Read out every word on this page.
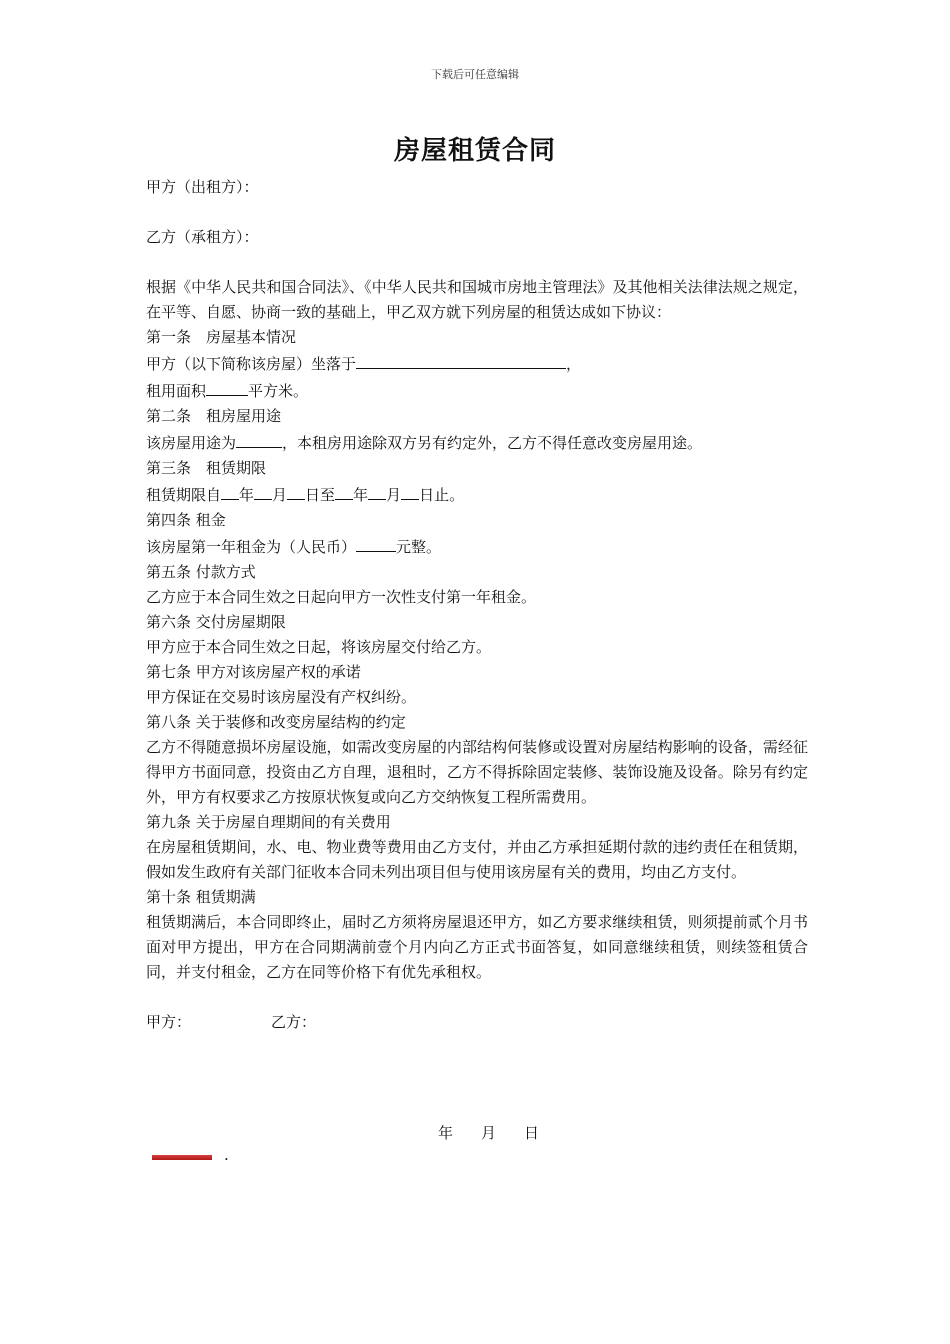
下载后可任意编辑
房屋租赁合同

甲方（出租方）：

乙方（承租方）：

根据《中华人民共和国合同法》、《中华人民共和国城市房地主管理法》及其他相关法律法规之规定，在平等、自愿、协商一致的基础上，甲乙双方就下列房屋的租赁达成如下协议：

第一条　房屋基本情况

甲方（以下简称该房屋）坐落于	，

租用面积	平方米。

第二条　租房屋用途

该房屋用途为	，本租房用途除双方另有约定外，乙方不得任意改变房屋用途。

第三条　租赁期限

租赁期限自 年 月 日至 年 月 日止。

第四条 租金

该房屋第一年租金为（人民币）	元整。

第五条 付款方式

乙方应于本合同生效之日起向甲方一次性支付第一年租金。

第六条 交付房屋期限

甲方应于本合同生效之日起，将该房屋交付给乙方。

第七条 甲方对该房屋产权的承诺

甲方保证在交易时该房屋没有产权纠纷。

第八条 关于装修和改变房屋结构的约定

乙方不得随意损坏房屋设施，如需改变房屋的内部结构何装修或设置对房屋结构影响的设备，需经征得甲方书面同意，投资由乙方自理，退租时，乙方不得拆除固定装修、装饰设施及设备。除另有约定外，甲方有权要求乙方按原状恢复或向乙方交纳恢复工程所需费用。

第九条 关于房屋自理期间的有关费用

在房屋租赁期间，水、电、物业费等费用由乙方支付，并由乙方承担延期付款的违约责任在租赁期，假如发生政府有关部门征收本合同未列出项目但与使用该房屋有关的费用，均由乙方支付。

第十条 租赁期满

租赁期满后，本合同即终止，届时乙方须将房屋退还甲方，如乙方要求继续租赁，则须提前贰个月书面对甲方提出，甲方在合同期满前壹个月内向乙方正式书面答复，如同意继续租赁，则续签租赁合同，并支付租金，乙方在同等价格下有优先承租权。

甲方：	乙方：
年 月 日
.
